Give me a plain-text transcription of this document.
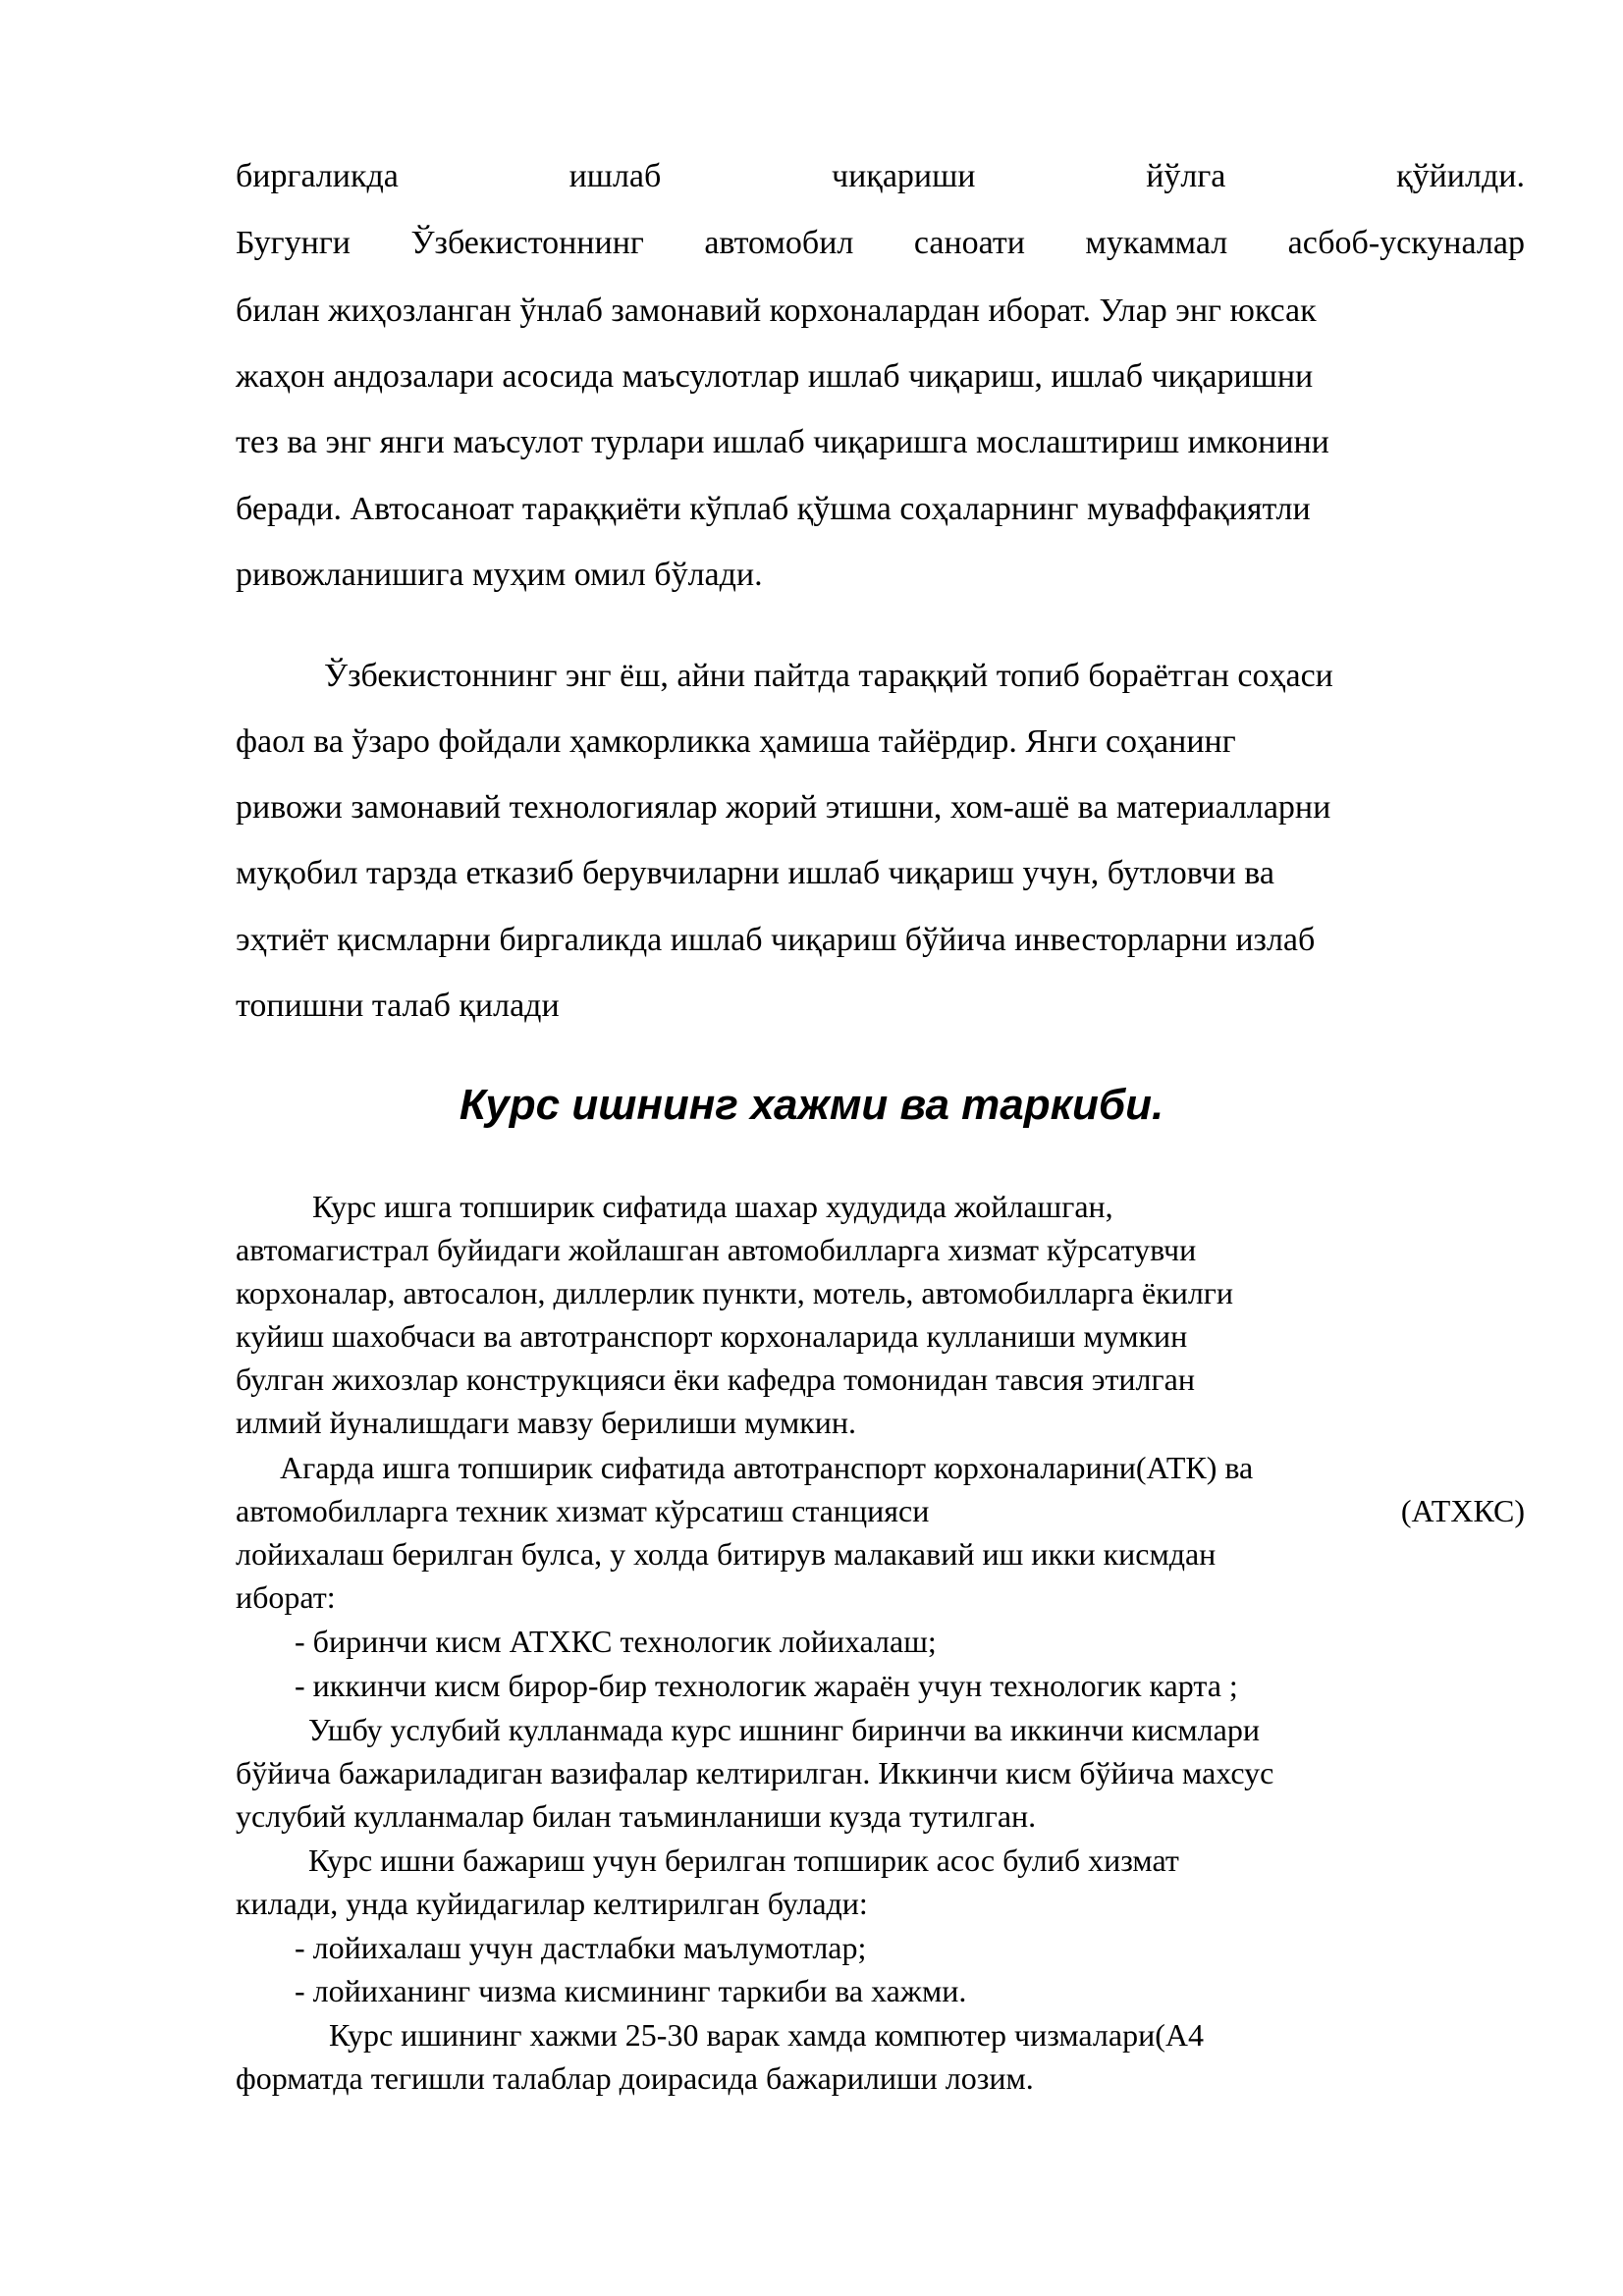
биргаликда	ишлаб	чиқариши	йўлга	қўйилди.
Бугунги Ўзбекистоннинг автомобил саноати мукаммал асбоб-ускуналар
билан жиҳозланган ўнлаб замонавий корхоналардан иборат. Улар энг юксак
жаҳон андозалари асосида маъсулотлар ишлаб чиқариш, ишлаб чиқаришни
тез ва энг янги маъсулот турлари ишлаб чиқаришга мослаштириш имконини
беради. Автосаноат тараққиёти кўплаб қўшма соҳаларнинг муваффақиятли
ривожланишига муҳим омил бўлади.
Ўзбекистоннинг энг ёш, айни пайтда тараққий топиб бораётган соҳаси
фаол ва ўзаро фойдали ҳамкорликка ҳамиша тайёрдир. Янги соҳанинг
ривожи замонавий технологиялар жорий этишни, хом-ашё ва материалларни
муқобил тарзда етказиб берувчиларни ишлаб чиқариш учун, бутловчи ва
эҳтиёт қисмларни биргаликда ишлаб чиқариш бўйича инвесторларни излаб
топишни талаб қилади
Курс ишнинг хажми ва таркиби.
Курс ишга топширик сифатида шахар худудида жойлашган,
автомагистрал буйидаги жойлашган автомобилларга хизмат кўрсатувчи
корхоналар, автосалон, диллерлик пункти, мотель, автомобилларга ёкилги
куйиш шахобчаси ва автотранспорт корхоналарида кулланиши мумкин
булган жихозлар конструкцияси ёки кафедра томонидан тавсия этилган
илмий йуналишдаги мавзу берилиши мумкин.
Агарда ишга топширик сифатида автотранспорт корхоналарини(АТК) ва
автомобилларга техник хизмат кўрсатиш станцияси	(АТХКС)
лойихалаш берилган булса, у холда битирув малакавий иш икки кисмдан
иборат:
- биринчи кисм АТХКС технологик лойихалаш;
- иккинчи кисм бирор-бир технологик жараён учун технологик карта ;
Ушбу услубий кулланмада курс ишнинг биринчи ва иккинчи кисмлари
бўйича бажариладиган вазифалар келтирилган. Иккинчи кисм бўйича махсус
услубий кулланмалар билан таъминланиши кузда тутилган.
Курс ишни бажариш учун берилган топширик асос булиб хизмат
килади, унда куйидагилар келтирилган булади:
- лойихалаш учун дастлабки маълумотлар;
- лойиханинг чизма кисмининг таркиби ва хажми.
Курс ишининг хажми 25-30 варак хамда компютер чизмалари(А4
форматда тегишли талаблар доирасида бажарилиши лозим.
